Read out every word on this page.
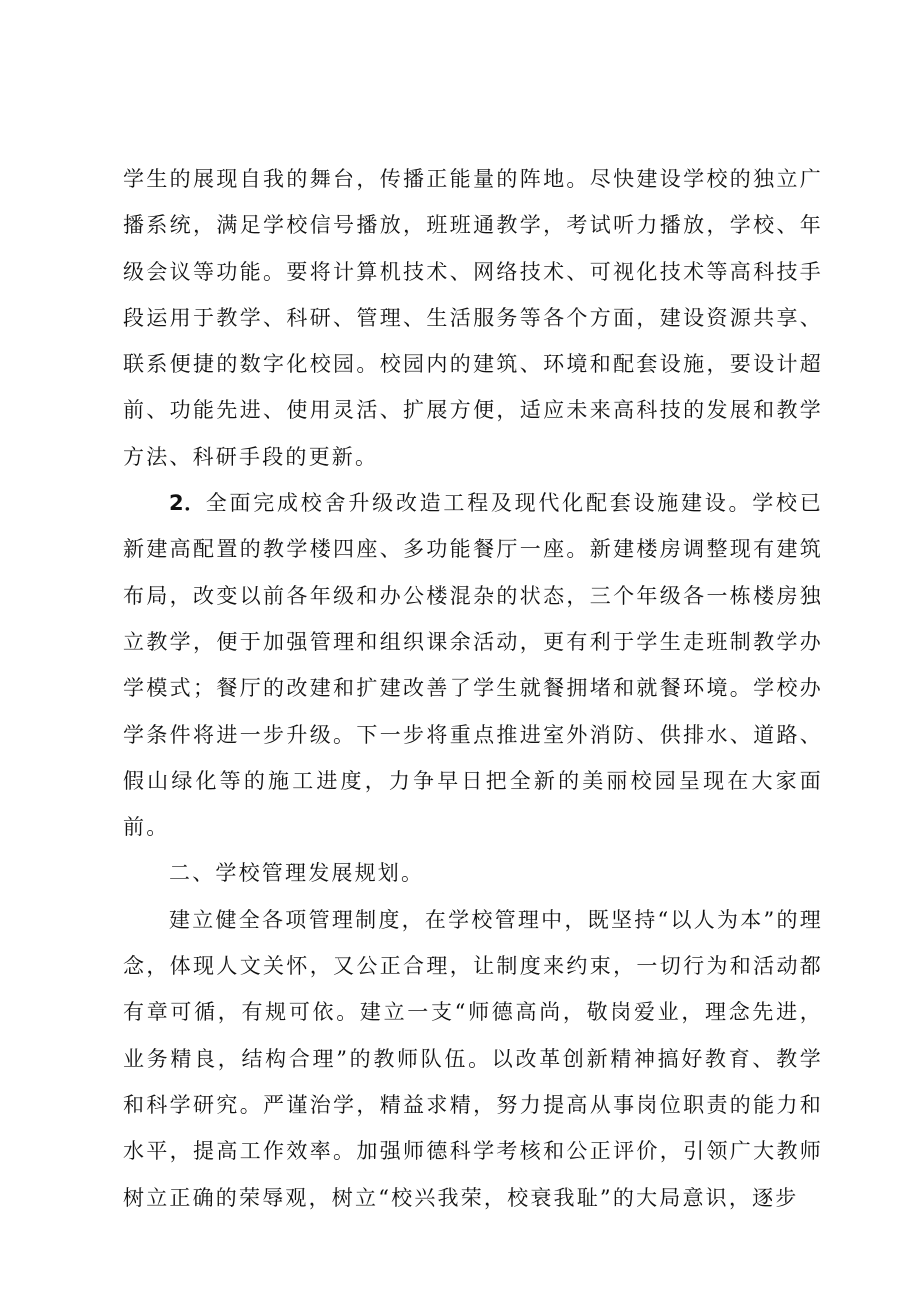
学生的展现自我的舞台，传播正能量的阵地。尽快建设学校的独立广播系统，满足学校信号播放，班班通教学，考试听力播放，学校、年级会议等功能。要将计算机技术、网络技术、可视化技术等高科技手段运用于教学、科研、管理、生活服务等各个方面，建设资源共享、联系便捷的数字化校园。校园内的建筑、环境和配套设施，要设计超前、功能先进、使用灵活、扩展方便，适应未来高科技的发展和教学方法、科研手段的更新。

2．全面完成校舍升级改造工程及现代化配套设施建设。学校已新建高配置的教学楼四座、多功能餐厅一座。新建楼房调整现有建筑布局，改变以前各年级和办公楼混杂的状态，三个年级各一栋楼房独立教学，便于加强管理和组织课余活动，更有利于学生走班制教学办学模式；餐厅的改建和扩建改善了学生就餐拥堵和就餐环境。学校办学条件将进一步升级。下一步将重点推进室外消防、供排水、道路、假山绿化等的施工进度，力争早日把全新的美丽校园呈现在大家面前。

二、学校管理发展规划。

建立健全各项管理制度，在学校管理中，既坚持“以人为本”的理念，体现人文关怀，又公正合理，让制度来约束，一切行为和活动都有章可循，有规可依。建立一支“师德高尚，敬岗爱业，理念先进，业务精良，结构合理”的教师队伍。以改革创新精神搞好教育、教学和科学研究。严谨治学，精益求精，努力提高从事岗位职责的能力和水平，提高工作效率。加强师德科学考核和公正评价，引领广大教师树立正确的荣辱观，树立“校兴我荣，校衰我耻”的大局意识，逐步
